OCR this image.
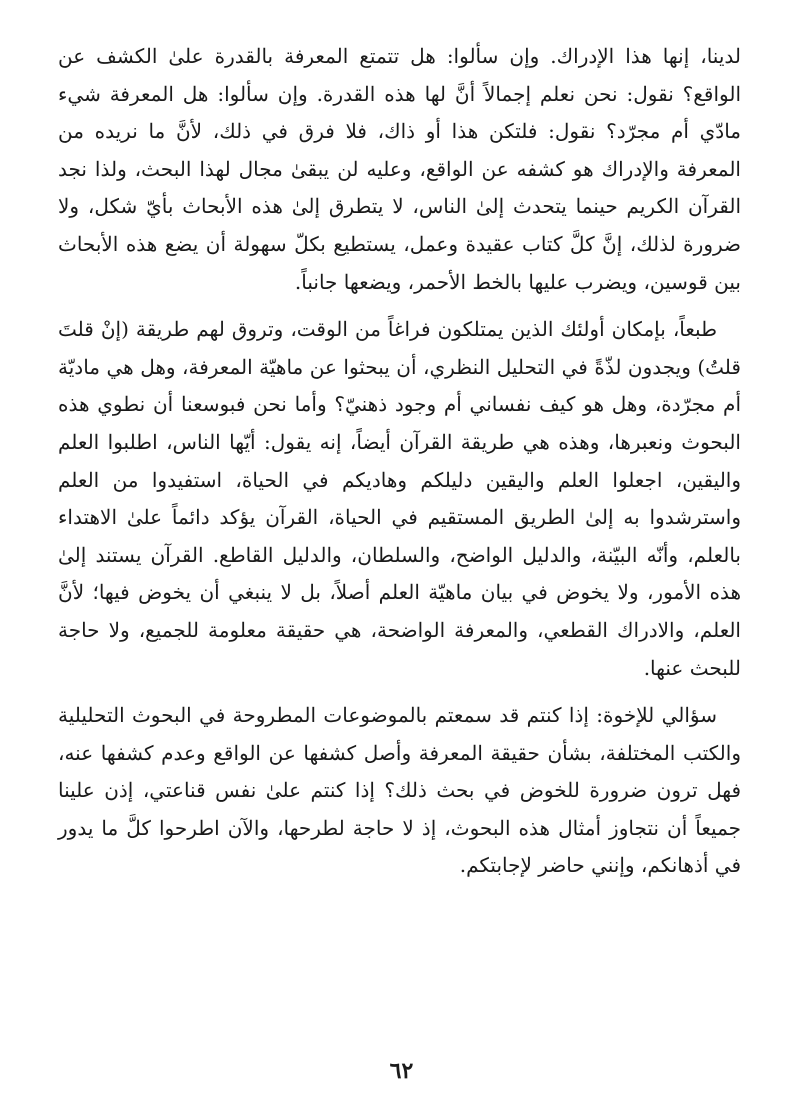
لدينا، إنها هذا الإدراك. وإن سألوا: هل تتمتع المعرفة بالقدرة علىٰ الكشف عن الواقع؟ نقول: نحن نعلم إجمالاً أنَّ لها هذه القدرة. وإن سألوا: هل المعرفة شيء مادّي أم مجرّد؟ نقول: فلتكن هذا أو ذاك، فلا فرق في ذلك، لأنَّ ما نريده من المعرفة والإدراك هو كشفه عن الواقع، وعليه لن يبقىٰ مجال لهذا البحث، ولذا نجد القرآن الكريم حينما يتحدث إلىٰ الناس، لا يتطرق إلىٰ هذه الأبحاث بأيّ شكل، ولا ضرورة لذلك، إنَّ كلَّ كتاب عقيدة وعمل، يستطيع بكلّ سهولة أن يضع هذه الأبحاث بين قوسين، ويضرب عليها بالخط الأحمر، ويضعها جانباً.

طبعاً، بإمكان أولئك الذين يمتلكون فراغاً من الوقت، وتروق لهم طريقة (إنْ قلتَ قلتُ) ويجدون لذّةً في التحليل النظري، أن يبحثوا عن ماهيّة المعرفة، وهل هي ماديّة أم مجرّدة، وهل هو كيف نفساني أم وجود ذهنيّ؟ وأما نحن فبوسعنا أن نطوي هذه البحوث ونعبرها، وهذه هي طريقة القرآن أيضاً، إنه يقول: أيّها الناس، اطلبوا العلم واليقين، اجعلوا العلم واليقين دليلكم وهاديكم في الحياة، استفيدوا من العلم واسترشدوا به إلىٰ الطريق المستقيم في الحياة، القرآن يؤكد دائماً علىٰ الاهتداء بالعلم، وأنّه البيّنة، والدليل الواضح، والسلطان، والدليل القاطع. القرآن يستند إلىٰ هذه الأمور، ولا يخوض في بيان ماهيّة العلم أصلاً، بل لا ينبغي أن يخوض فيها؛ لأنَّ العلم، والادراك القطعي، والمعرفة الواضحة، هي حقيقة معلومة للجميع، ولا حاجة للبحث عنها.

سؤالي للإخوة: إذا كنتم قد سمعتم بالموضوعات المطروحة في البحوث التحليلية والكتب المختلفة، بشأن حقيقة المعرفة وأصل كشفها عن الواقع وعدم كشفها عنه، فهل ترون ضرورة للخوض في بحث ذلك؟ إذا كنتم علىٰ نفس قناعتي، إذن علينا جميعاً أن نتجاوز أمثال هذه البحوث، إذ لا حاجة لطرحها، والآن اطرحوا كلَّ ما يدور في أذهانكم، وإنني حاضر لإجابتكم.

٦٢
